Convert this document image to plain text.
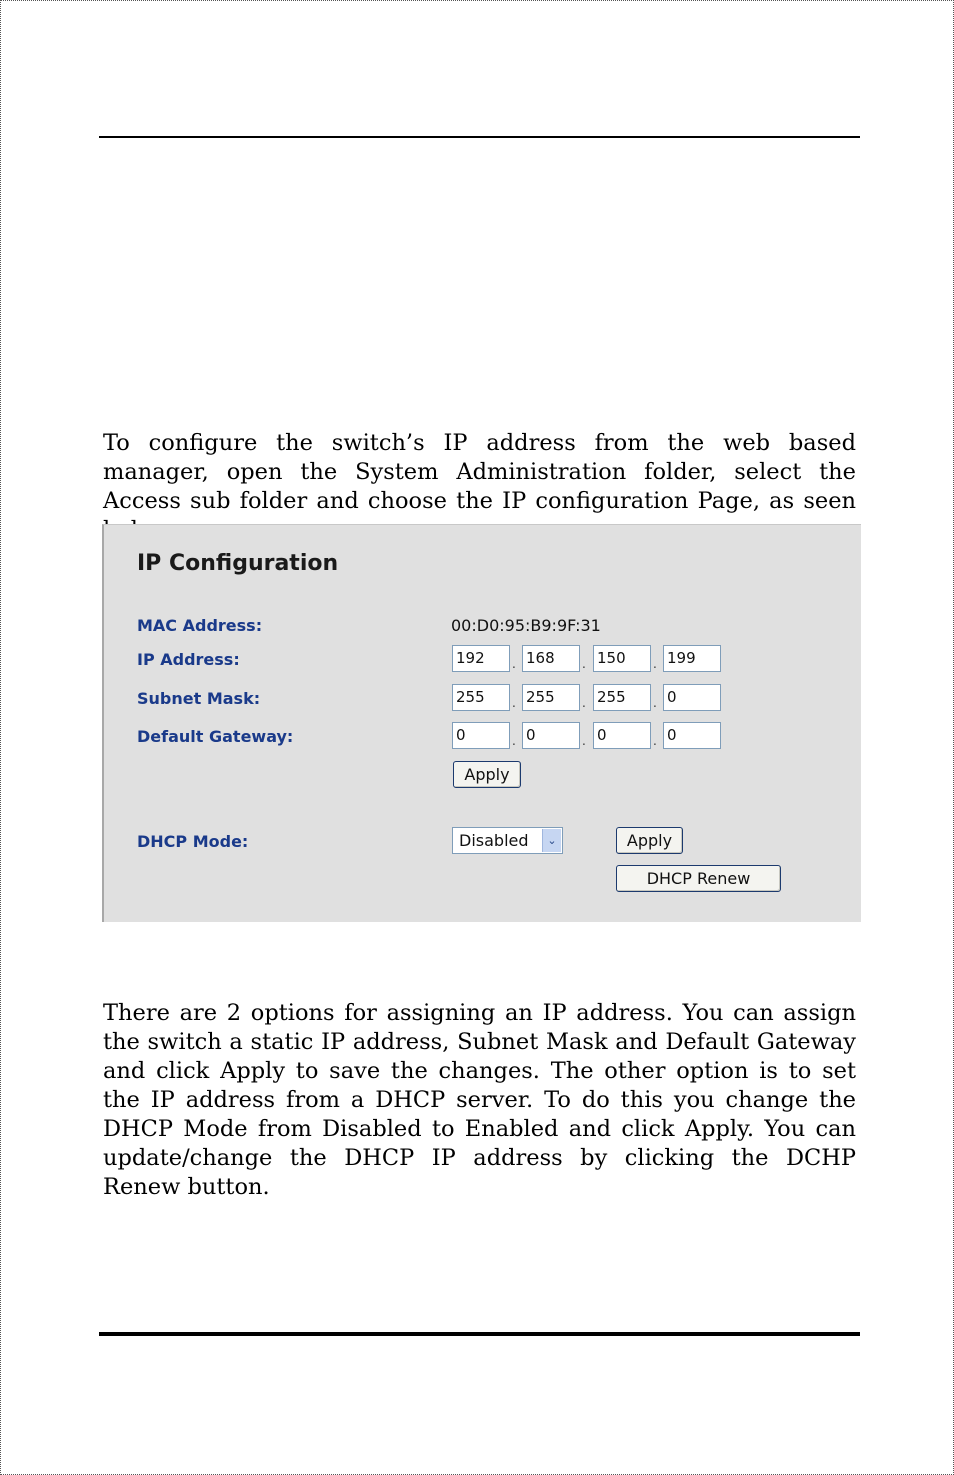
To configure the switch’s IP address from the web based manager, open the System Administration folder, select the Access sub folder and choose the IP configuration Page, as seen

IP Configuration
MAC Address:	00:D0:95:B9:9F:31
IP Address:	192	. 168	. 150	. 199
Subnet Mask:	255	. 255	. 255	. 0
Default Gateway:	0	. 0	. 0	. 0
Apply
DHCP Mode:	Disabled	⌄	Apply
DHCP Renew

There are 2 options for assigning an IP address. You can assign the switch a static IP address, Subnet Mask and Default Gateway and click Apply to save the changes. The other option is to set the IP address from a DHCP server. To do this you change the DHCP Mode from Disabled to Enabled and click Apply. You can update/change the DHCP IP address by clicking the DCHP Renew button.
